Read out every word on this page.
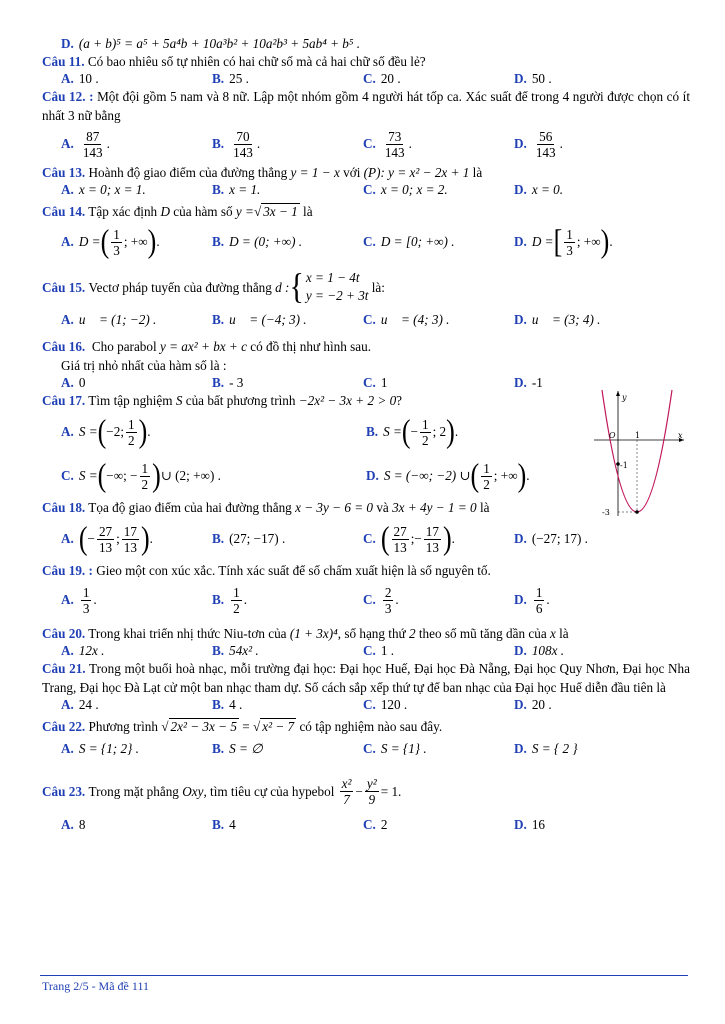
D. (a + b)⁵ = a⁵ + 5a⁴b + 10a³b² + 10a²b³ + 5ab⁴ + b⁵ .

Câu 11. Có bao nhiêu số tự nhiên có hai chữ số mà cả hai chữ số đều lẻ?

A. 10 .	B. 25 .	C. 20 .	D. 50 .

Câu 12. : Một đội gồm 5 nam và 8 nữ. Lập một nhóm gồm 4 người hát tốp ca. Xác suất để trong 4 người được chọn có ít nhất 3 nữ bằng

A. $\frac{87}{143}$ .	B. $\frac{70}{143}$ .	C. $\frac{73}{143}$ .	D. $\frac{56}{143}$ .

Câu 13. Hoành độ giao điểm của đường thẳng y = 1 − x với (P): y = x² − 2x + 1 là

A. x = 0; x = 1.	B. x = 1.	C. x = 0; x = 2.	D. x = 0.

Câu 14. Tập xác định D của hàm số y =√ 3x − 1 là

A. D = ( $\frac{1}{3}$ ; +∞ ) .	B. D = (0; +∞) .	C. D = [0; +∞) .	D. D = [ $\frac{1}{3}$ ; +∞ ) .

Câu 15.
Vectơ pháp tuyến của đường thẳng
d : { x = 1 − 4t
y = −2 + 3t

là:

A. u⃗ = (1; −2) .	B. u⃗ = (−4; 3) .	C. u⃗ = (4; 3) .	D. u⃗ = (3; 4) .

Câu 16. Cho parabol y = ax² + bx + c có đồ thị như hình sau.

Giá trị nhỏ nhất của hàm số là :

A. 0	B. - 3	C. 1	D. -1

Câu 17. Tìm tập nghiệm S của bất phương trình −2x² − 3x + 2 > 0?

A. S = ( −2; $\frac{1}{2}$ ) .	B. S = ( − $\frac{1}{2}$ ; 2 ) .
C. S = ( −∞; − $\frac{1}{2}$ ) ∪ (2; +∞) .	D. S = (−∞; −2) ∪ ( $\frac{1}{2}$ ; +∞ ) .

Câu 18. Tọa độ giao điểm của hai đường thẳng x − 3y − 6 = 0 và 3x + 4y − 1 = 0 là

A. ( − $\frac{27}{13}$ ; $\frac{17}{13}$ ) .	B. (27; −17) .	C. ( $\frac{27}{13}$ ; − $\frac{17}{13}$ ) .	D. (−27; 17) .

Câu 19. : Gieo một con xúc xắc. Tính xác suất để số chấm xuất hiện là số nguyên tố.

A. $\frac{1}{3}$ .	B. $\frac{1}{2}$ .	C. $\frac{2}{3}$ .	D. $\frac{1}{6}$ .

Câu 20. Trong khai triển nhị thức Niu-tơn của (1 + 3x)⁴, số hạng thứ 2 theo số mũ tăng dần của x là

A. 12x .	B. 54x² .	C. 1 .	D. 108x .

Câu 21. Trong một buổi hoà nhạc, mỗi trường đại học: Đại học Huế, Đại học Đà Nẵng, Đại học Quy Nhơn, Đại học Nha Trang, Đại học Đà Lạt cử một ban nhạc tham dự. Số cách sắp xếp thứ tự để ban nhạc của Đại học Huế diễn đầu tiên là

A. 24 .	B. 4 .	C. 120 .	D. 20 .

Câu 22. Phương trình √ 2x² − 3x − 5 = √ x² − 7 có tập nghiệm nào sau đây.

A. S = {1; 2} .	B. S = ∅	C. S = {1} .	D. S = { 2 }

Câu 23.
Trong mặt phẳng
Oxy , tìm tiêu cự của hypebol
$\frac{\text{x²}}{7} - \frac{\text{y²}}{9} = 1$.

A. 8	B. 4	C. 2	D. 16
y
x
O 1
-1
-3
Trang 2/5 - Mã đề 111
